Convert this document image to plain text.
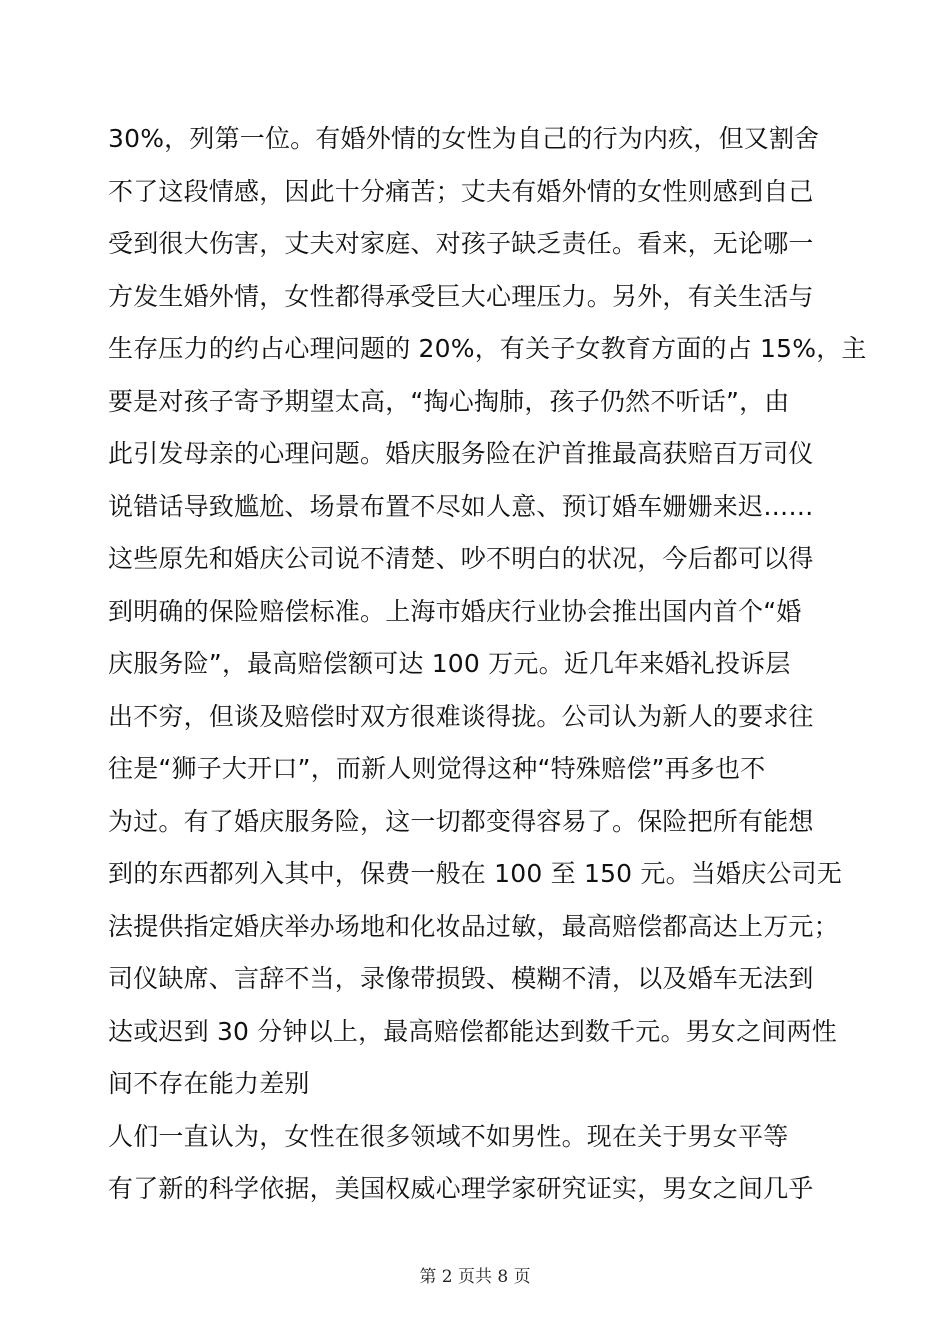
30%，列第一位。有婚外情的女性为自己的行为内疚，但又割舍
不了这段情感，因此十分痛苦；丈夫有婚外情的女性则感到自己
受到很大伤害，丈夫对家庭、对孩子缺乏责任。看来，无论哪一
方发生婚外情，女性都得承受巨大心理压力。另外，有关生活与
生存压力的约占心理问题的 20%，有关子女教育方面的占 15%，主
要是对孩子寄予期望太高，“掏心掏肺，孩子仍然不听话”，由
此引发母亲的心理问题。婚庆服务险在沪首推最高获赔百万司仪
说错话导致尴尬、场景布置不尽如人意、预订婚车姗姗来迟……
这些原先和婚庆公司说不清楚、吵不明白的状况，今后都可以得
到明确的保险赔偿标准。上海市婚庆行业协会推出国内首个“婚
庆服务险”，最高赔偿额可达 100 万元。近几年来婚礼投诉层
出不穷，但谈及赔偿时双方很难谈得拢。公司认为新人的要求往
往是“狮子大开口”，而新人则觉得这种“特殊赔偿”再多也不
为过。有了婚庆服务险，这一切都变得容易了。保险把所有能想
到的东西都列入其中，保费一般在 100 至 150 元。当婚庆公司无
法提供指定婚庆举办场地和化妆品过敏，最高赔偿都高达上万元；
司仪缺席、言辞不当，录像带损毁、模糊不清，以及婚车无法到
达或迟到 30 分钟以上，最高赔偿都能达到数千元。男女之间两性
间不存在能力差别
人们一直认为，女性在很多领域不如男性。现在关于男女平等
有了新的科学依据，美国权威心理学家研究证实，男女之间几乎
第 2 页共 8 页
